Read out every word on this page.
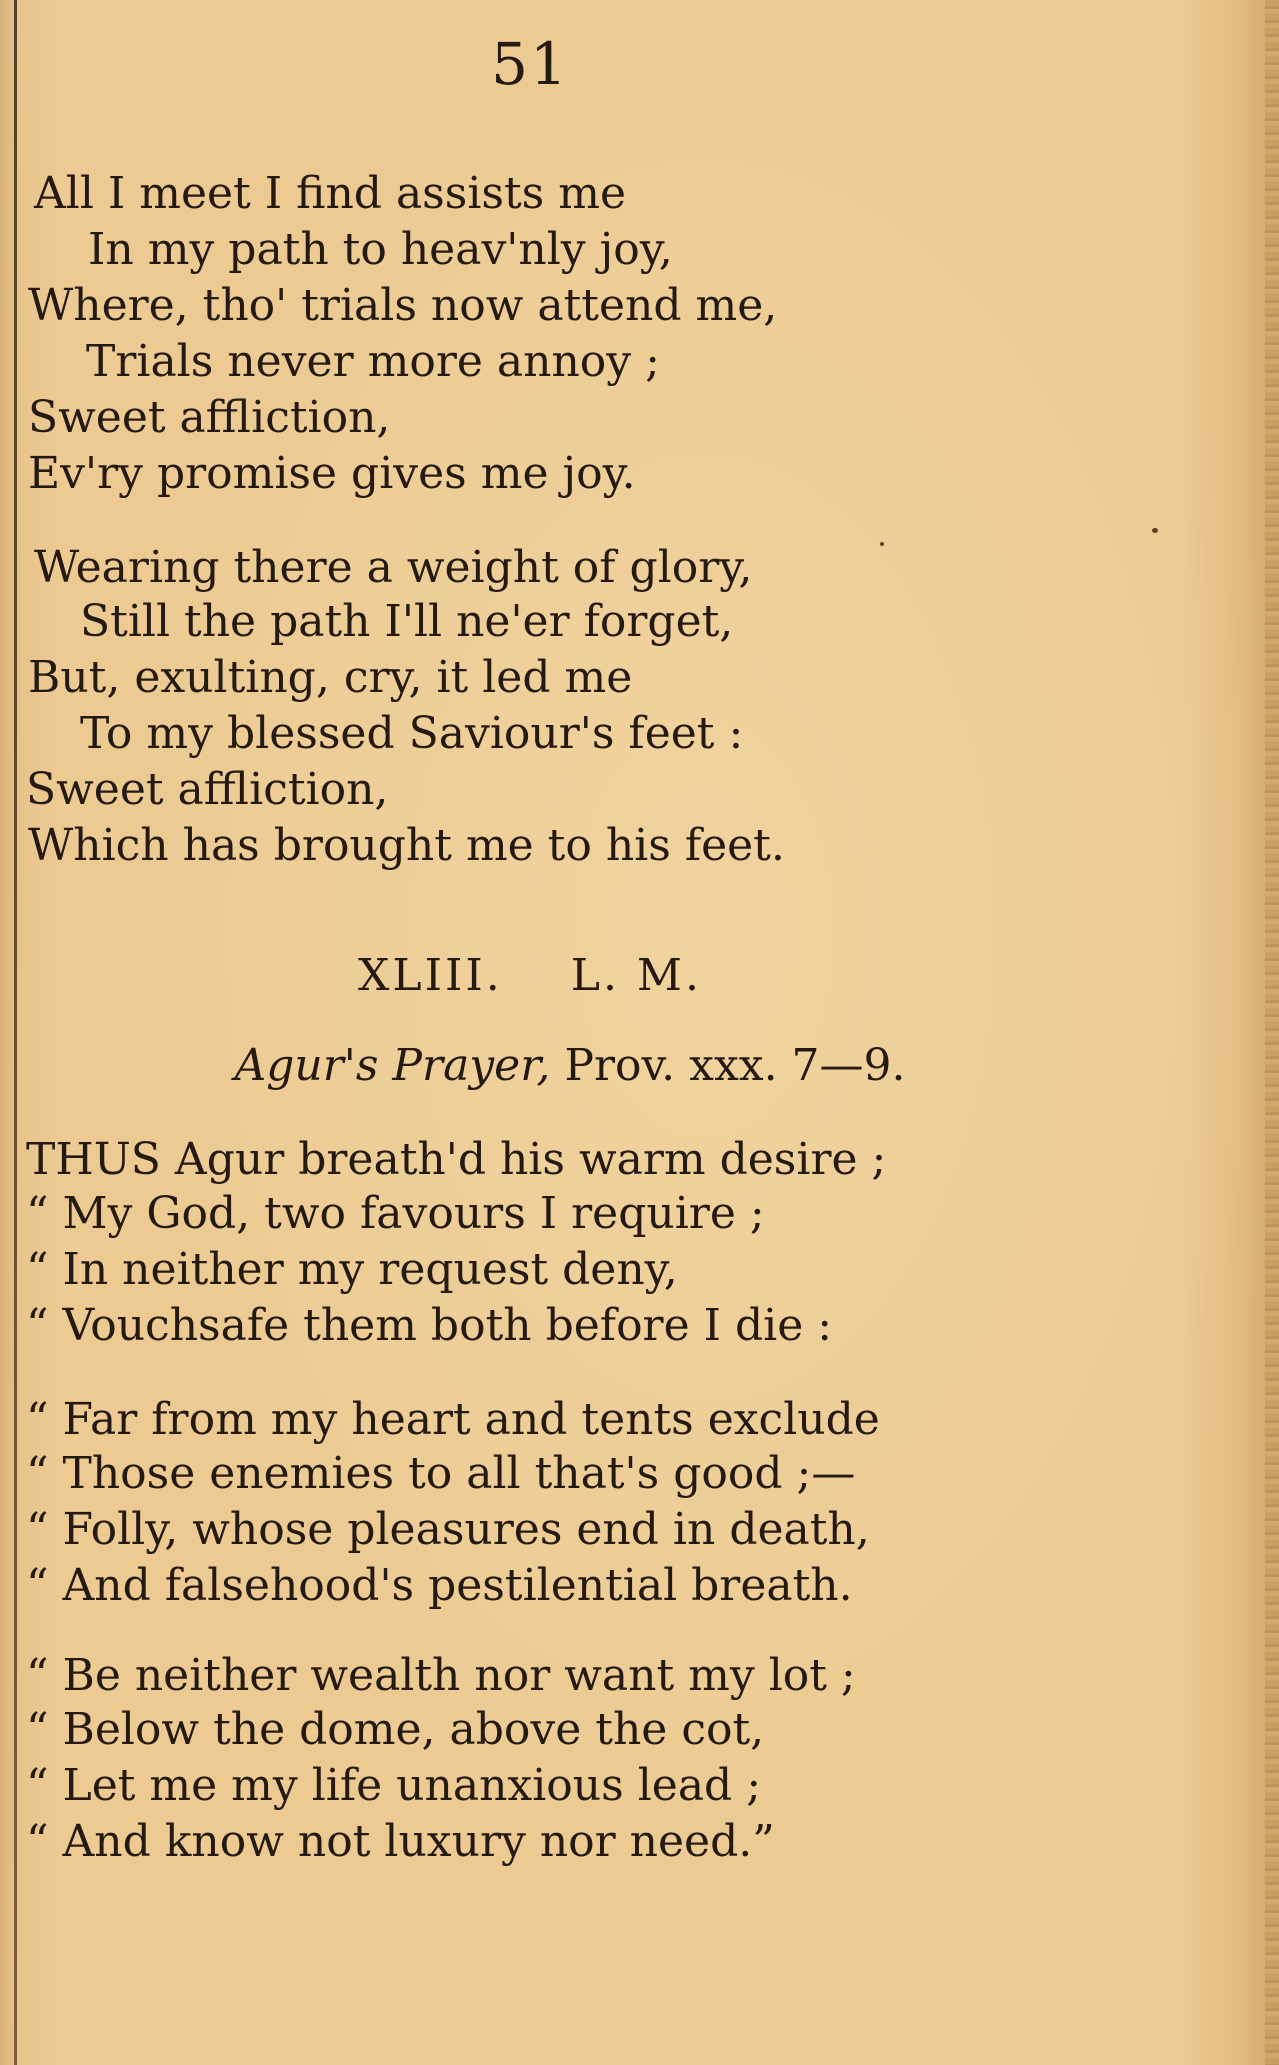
51
All I meet I find assists me
In my path to heav'nly joy,
Where, tho' trials now attend me,
Trials never more annoy ;
Sweet affliction,
Ev'ry promise gives me joy.
Wearing there a weight of glory,
Still the path I'll ne'er forget,
But, exulting, cry, it led me
To my blessed Saviour's feet :
Sweet affliction,
Which has brought me to his feet.
XLIII. L. M.
Agur's Prayer, Prov. xxx. 7—9.
THUS Agur breath'd his warm desire ;
“ My God, two favours I require ;
“ In neither my request deny,
“ Vouchsafe them both before I die :
“ Far from my heart and tents exclude
“ Those enemies to all that's good ;—
“ Folly, whose pleasures end in death,
“ And falsehood's pestilential breath.
“ Be neither wealth nor want my lot ;
“ Below the dome, above the cot,
“ Let me my life unanxious lead ;
“ And know not luxury nor need.”
